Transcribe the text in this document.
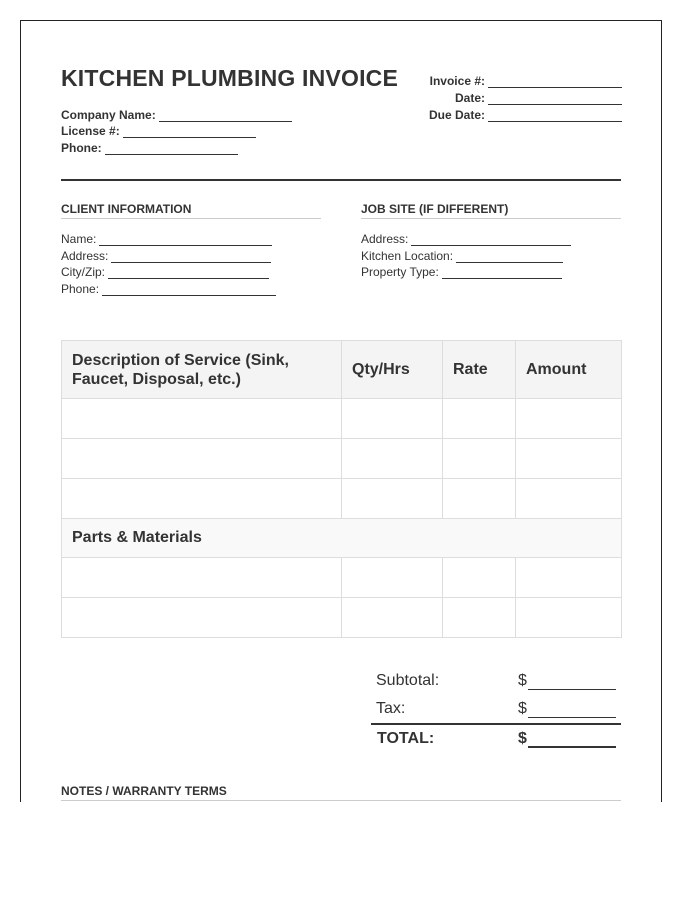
KITCHEN PLUMBING INVOICE
Company Name:
License #:
Phone:
Invoice #:
Date:
Due Date:
CLIENT INFORMATION
Name:
Address:
City/Zip:
Phone:
JOB SITE (IF DIFFERENT)
Address:
Kitchen Location:
Property Type:
Description of Service (Sink, Faucet, Disposal, etc.)	Qty/Hrs	Rate	Amount

Parts & Materials			

Subtotal:	$
Tax:	$
TOTAL:	$
NOTES / WARRANTY TERMS
